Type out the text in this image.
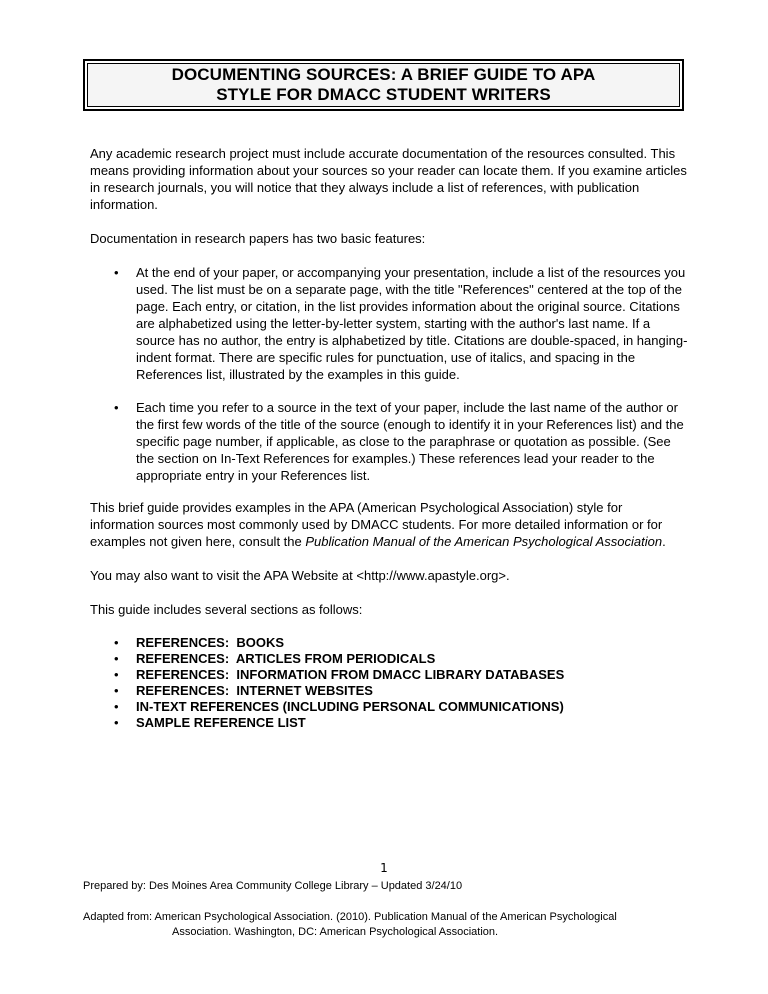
DOCUMENTING SOURCES: A BRIEF GUIDE TO APA
STYLE FOR DMACC STUDENT WRITERS

Any academic research project must include accurate documentation of the resources consulted. This means providing information about your sources so your reader can locate them. If you examine articles in research journals, you will notice that they always include a list of references, with publication information.

Documentation in research papers has two basic features:

• At the end of your paper, or accompanying your presentation, include a list of the resources you used. The list must be on a separate page, with the title "References" centered at the top of the page. Each entry, or citation, in the list provides information about the original source. Citations are alphabetized using the letter-by-letter system, starting with the author's last name. If a source has no author, the entry is alphabetized by title. Citations are double-spaced, in hanging-indent format. There are specific rules for punctuation, use of italics, and spacing in the References list, illustrated by the examples in this guide.
• Each time you refer to a source in the text of your paper, include the last name of the author or the first few words of the title of the source (enough to identify it in your References list) and the specific page number, if applicable, as close to the paraphrase or quotation as possible. (See the section on In-Text References for examples.) These references lead your reader to the appropriate entry in your References list.

This brief guide provides examples in the APA (American Psychological Association) style for information sources most commonly used by DMACC students. For more detailed information or for examples not given here, consult the Publication Manual of the American Psychological Association.

You may also want to visit the APA Website at <http://www.apastyle.org>.

This guide includes several sections as follows:

• REFERENCES:  BOOKS
• REFERENCES:  ARTICLES FROM PERIODICALS
• REFERENCES:  INFORMATION FROM DMACC LIBRARY DATABASES
• REFERENCES:  INTERNET WEBSITES
• IN-TEXT REFERENCES (INCLUDING PERSONAL COMMUNICATIONS)
• SAMPLE REFERENCE LIST
1
Prepared by: Des Moines Area Community College Library – Updated 3/24/10
Adapted from: American Psychological Association. (2010). Publication Manual of the American Psychological
Association. Washington, DC: American Psychological Association.
